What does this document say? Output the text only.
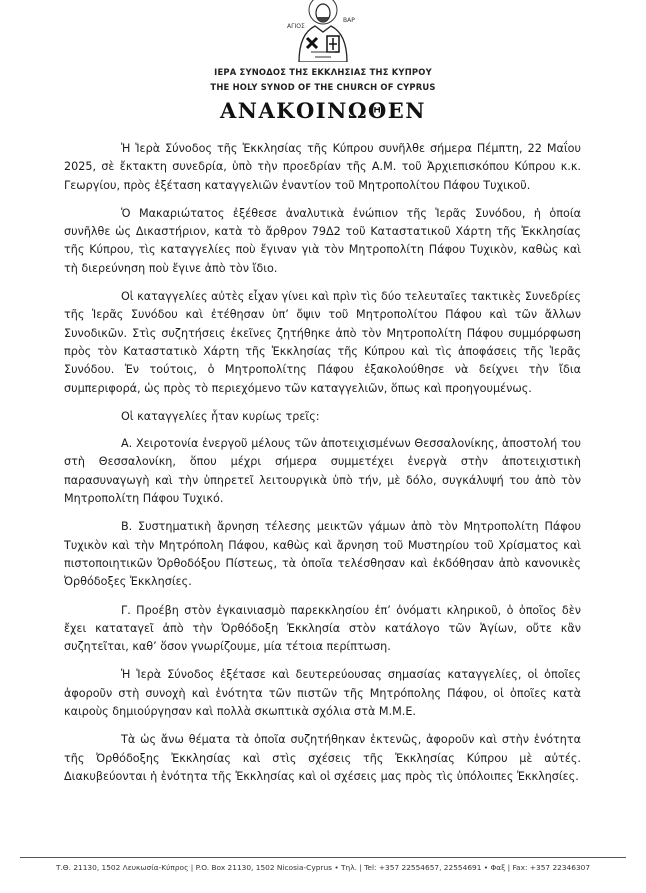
ΑΓΙΟΣ
ΒΑΡ
ΙΕΡΑ ΣΥΝΟΔΟΣ ΤΗΣ ΕΚΚΛΗΣΙΑΣ ΤΗΣ ΚΥΠΡΟΥ
THE HOLY SYNOD OF THE CHURCH OF CYPRUS
ΑΝΑΚΟΙΝΩΘΕΝ

Ἡ Ἱερὰ Σύνοδος τῆς Ἐκκλησίας τῆς Κύπρου συνῆλθε σήμερα Πέμπτη, 22 Μαΐου 2025, σὲ ἔκτακτη συνεδρία, ὑπὸ τὴν προεδρίαν τῆς Α.Μ. τοῦ Ἀρχιεπισκόπου Κύπρου κ.κ. Γεωργίου, πρὸς ἐξέταση καταγγελιῶν ἐναντίον τοῦ Μητροπολίτου Πάφου Τυχικοῦ.

Ὁ Μακαριώτατος ἐξέθεσε ἀναλυτικὰ ἐνώπιον τῆς Ἱερᾶς Συνόδου, ἡ ὁποία συνῆλθε ὡς Δικαστήριον, κατὰ τὸ ἄρθρον 79Δ2 τοῦ Καταστατικοῦ Χάρτη τῆς Ἐκκλησίας τῆς Κύπρου, τὶς καταγγελίες ποὺ ἔγιναν γιὰ τὸν Μητροπολίτη Πάφου Τυχικὸν, καθὼς καὶ τὴ διερεύνηση ποὺ ἔγινε ἀπὸ τὸν ἴδιο.

Οἱ καταγγελίες αὐτὲς εἶχαν γίνει καὶ πρὶν τὶς δύο τελευταῖες τακτικὲς Συνεδρίες τῆς Ἱερᾶς Συνόδου καὶ ἐτέθησαν ὑπ’ ὄψιν τοῦ Μητροπολίτου Πάφου καὶ τῶν ἄλλων Συνοδικῶν. Στὶς συζητήσεις ἐκεῖνες ζητήθηκε ἀπὸ τὸν Μητροπολίτη Πάφου συμμόρφωση πρὸς τὸν Καταστατικὸ Χάρτη τῆς Ἐκκλησίας τῆς Κύπρου καὶ τὶς ἀποφάσεις τῆς Ἱερᾶς Συνόδου. Ἐν τούτοις, ὁ Μητροπολίτης Πάφου ἐξακολούθησε νὰ δείχνει τὴν ἴδια συμπεριφορά, ὡς πρὸς τὸ περιεχόμενο τῶν καταγγελιῶν, ὅπως καὶ προηγουμένως.

Οἱ καταγγελίες ἦταν κυρίως τρεῖς:

Α. Χειροτονία ἐνεργοῦ μέλους τῶν ἀποτειχισμένων Θεσσαλονίκης, ἀποστολή του στὴ Θεσσαλονίκη, ὅπου μέχρι σήμερα συμμετέχει ἐνεργὰ στὴν ἀποτειχιστικὴ παρασυναγωγὴ καὶ τὴν ὑπηρετεῖ λειτουργικὰ ὑπὸ τήν, μὲ δόλο, συγκάλυψή του ἀπὸ τὸν Μητροπολίτη Πάφου Τυχικό.

Β. Συστηματικὴ ἄρνηση τέλεσης μεικτῶν γάμων ἀπὸ τὸν Μητροπολίτη Πάφου Τυχικὸν καὶ τὴν Μητρόπολη Πάφου, καθὼς καὶ ἄρνηση τοῦ Μυστηρίου τοῦ Χρίσματος καὶ πιστοποιητικῶν Ὀρθοδόξου Πίστεως, τὰ ὁποῖα τελέσθησαν καὶ ἐκδόθησαν ἀπὸ κανονικὲς Ὀρθόδοξες Ἐκκλησίες.

Γ. Προέβη στὸν ἐγκαινιασμὸ παρεκκλησίου ἐπ’ ὀνόματι κληρικοῦ, ὁ ὁποῖος δὲν ἔχει καταταγεῖ ἀπὸ τὴν Ὀρθόδοξη Ἐκκλησία στὸν κατάλογο τῶν Ἁγίων, οὔτε κἂν συζητεῖται, καθ’ ὅσον γνωρίζουμε, μία τέτοια περίπτωση.

Ἡ Ἱερὰ Σύνοδος ἐξέτασε καὶ δευτερεύουσας σημασίας καταγγελίες, οἱ ὁποῖες ἀφοροῦν στὴ συνοχὴ καὶ ἑνότητα τῶν πιστῶν τῆς Μητρόπολης Πάφου, οἱ ὁποῖες κατὰ καιροὺς δημιούργησαν καὶ πολλὰ σκωπτικὰ σχόλια στὰ Μ.Μ.Ε.

Τὰ ὡς ἄνω θέματα τὰ ὁποῖα συζητήθηκαν ἐκτενῶς, ἀφοροῦν καὶ στὴν ἑνότητα τῆς Ὀρθόδοξης Ἐκκλησίας καὶ στὶς σχέσεις τῆς Ἐκκλησίας Κύπρου μὲ αὐτές. Διακυβεύονται ἡ ἑνότητα τῆς Ἐκκλησίας καὶ οἱ σχέσεις μας πρὸς τὶς ὑπόλοιπες Ἐκκλησίες.

Τ.Θ. 21130, 1502 Λευκωσία-Κύπρος | P.O. Box 21130, 1502 Nicosia-Cyprus • Τηλ. | Tel: +357 22554657, 22554691 • Φαξ | Fax: +357 22346307
